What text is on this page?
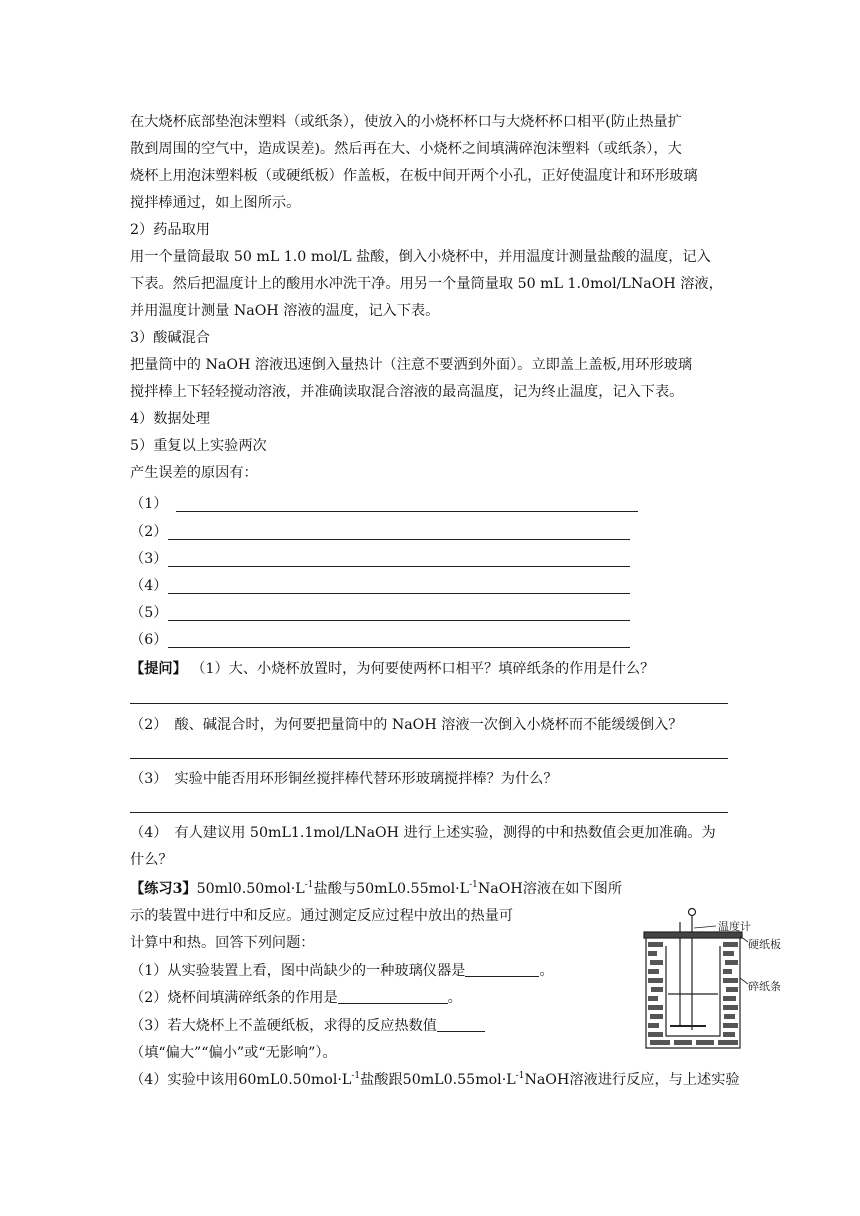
在大烧杯底部垫泡沫塑料（或纸条），使放入的小烧杯杯口与大烧杯杯口相平(防止热量扩
散到周围的空气中，造成误差)。然后再在大、小烧杯之间填满碎泡沫塑料（或纸条），大
烧杯上用泡沫塑料板（或硬纸板）作盖板，在板中间开两个小孔，正好使温度计和环形玻璃
搅拌棒通过，如上图所示。
2）药品取用
用一个量筒最取 50 mL 1.0 mol/L 盐酸，倒入小烧杯中，并用温度计测量盐酸的温度，记入
下表。然后把温度计上的酸用水冲洗干净。用另一个量筒量取 50 mL 1.0mol/LNaOH 溶液，
并用温度计测量 NaOH 溶液的温度，记入下表。
3）酸碱混合
把量筒中的 NaOH 溶液迅速倒入量热计（注意不要洒到外面）。立即盖上盖板,用环形玻璃
搅拌棒上下轻轻搅动溶液，并准确读取混合溶液的最高温度，记为终止温度，记入下表。
4）数据处理
5）重复以上实验两次
产生误差的原因有：
（1）
（2）
（3）
（4）
（5）
（6）
【提问】 （1）大、小烧杯放置时，为何要使两杯口相平？填碎纸条的作用是什么？
（2）　酸、碱混合时，为何要把量筒中的 NaOH 溶液一次倒入小烧杯而不能缓缓倒入？
（3）　实验中能否用环形铜丝搅拌棒代替环形玻璃搅拌棒？为什么？
（4）　有人建议用 50mL1.1mol/LNaOH 进行上述实验，测得的中和热数值会更加准确。为
什么？
【练习3】$50ml0.50mol\cdot L^{-1}$盐酸与$50mL0.55mol\cdot L^{-1}NaOH$溶液在如下图所
示的装置中进行中和反应。通过测定反应过程中放出的热量可
计算中和热。回答下列问题：
（1）从实验装置上看，图中尚缺少的一种玻璃仪器是	。
（2）烧杯间填满碎纸条的作用是	。
（3）若大烧杯上不盖硬纸板，求得的反应热数值
（填“偏大”“偏小”或“无影响”）。
（4）实验中该用$60mL0.50mol\cdot L^{-1}$盐酸跟$50mL0.55mol\cdot L^{-1}NaOH$溶液进行反应，与上述实验
温度计
硬纸板
碎纸条
